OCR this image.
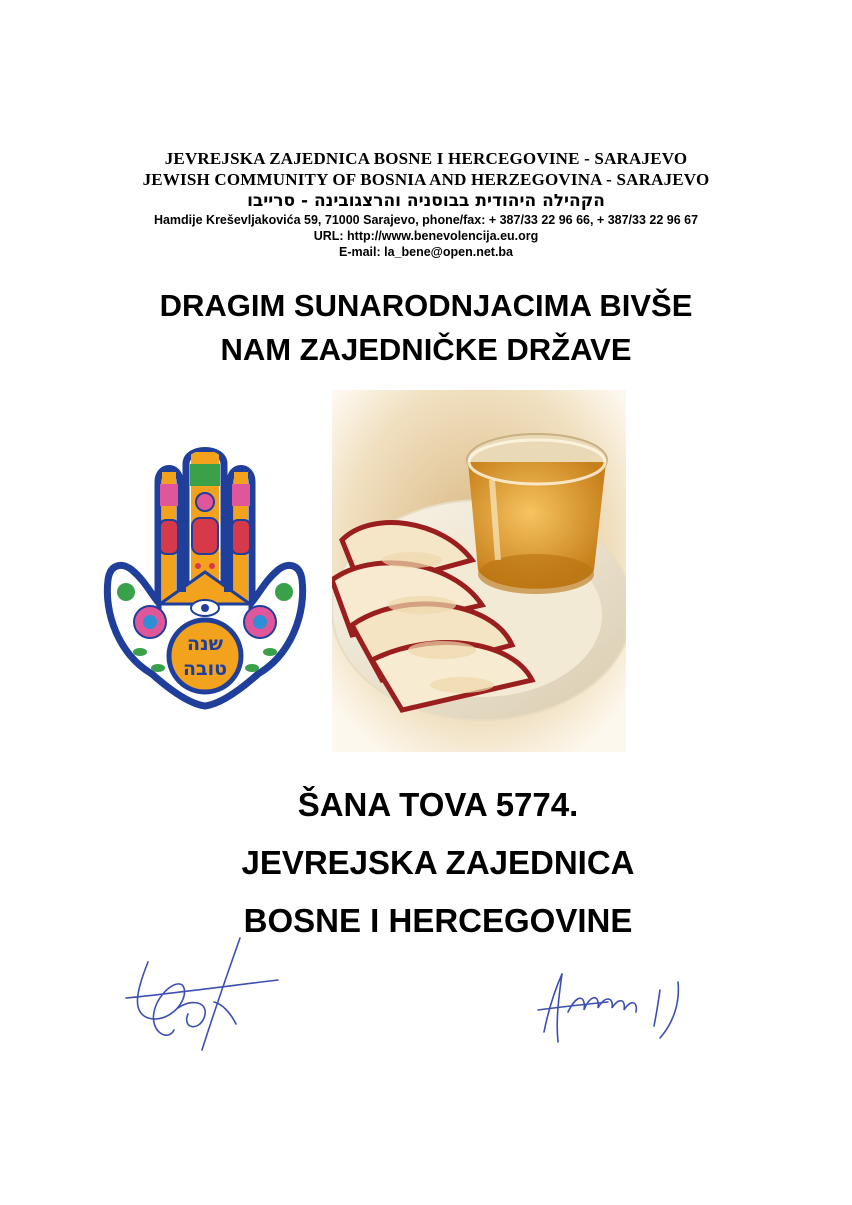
JEVREJSKA ZAJEDNICA BOSNE I HERCEGOVINE - SARAJEVO
JEWISH COMMUNITY OF BOSNIA AND HERZEGOVINA - SARAJEVO
הקהילה היהודית בבוסניה והרצגובינה - סרייבו
Hamdije Kreševljakovića 59, 71000 Sarajevo, phone/fax: + 387/33 22 96 66, + 387/33 22 96 67
URL: http://www.benevolencija.eu.org
E-mail: la_bene@open.net.ba
DRAGIM SUNARODNJACIMA BIVŠE
NAM ZAJEDNIČKE DRŽAVE
שנה
טובה
ŠANA TOVA 5774.
JEVREJSKA ZAJEDNICA
BOSNE I HERCEGOVINE
